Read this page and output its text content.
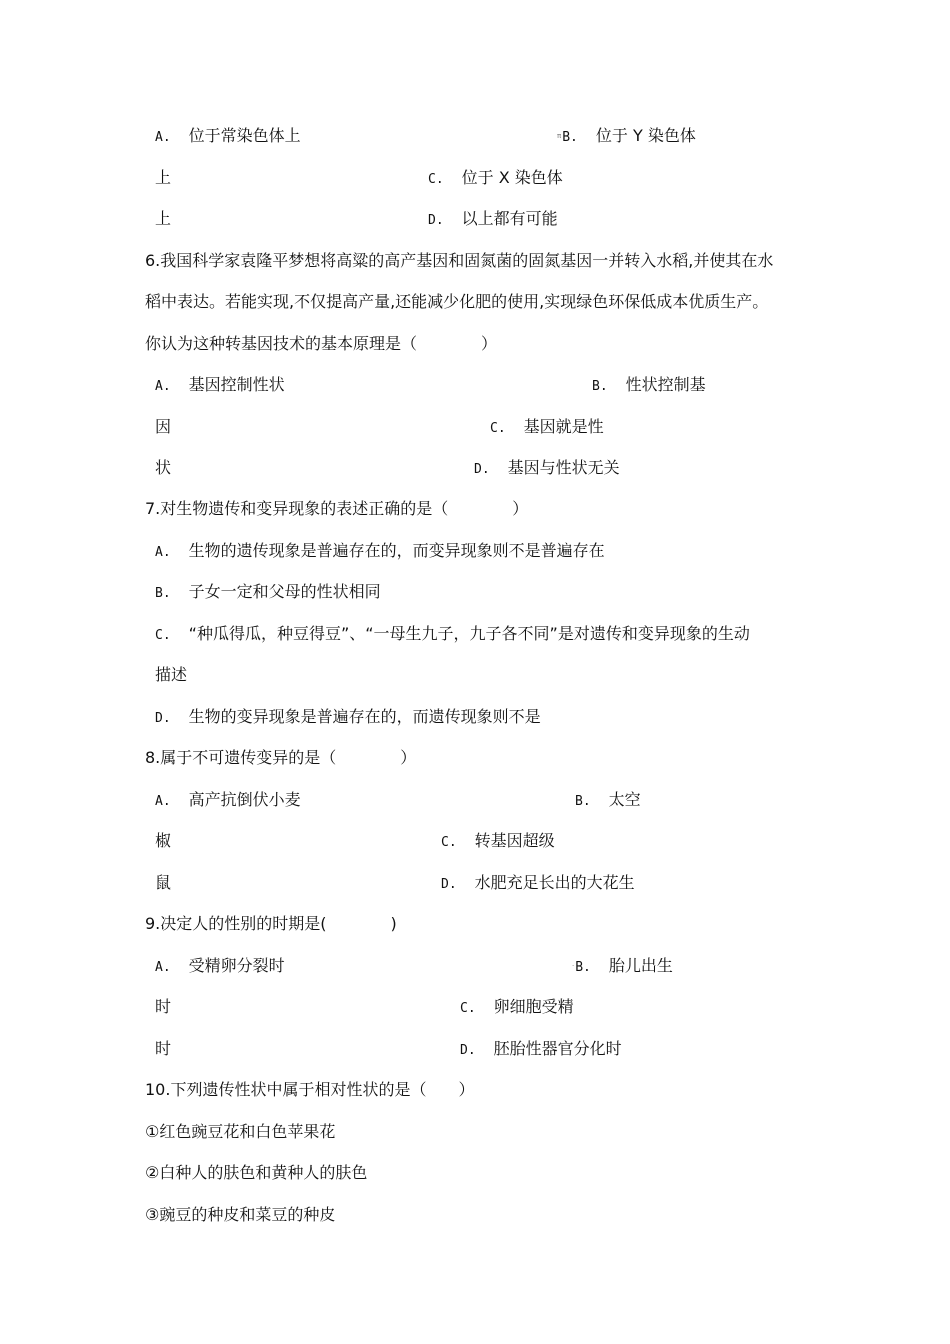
A. 位于常染色体上	πB. 位于 Y 染色体
上	C. 位于 X 染色体
上	D. 以上都有可能
6.我国科学家袁隆平梦想将高粱的高产基因和固氮菌的固氮基因一并转入水稻,并使其在水
稻中表达。若能实现,不仅提高产量,还能减少化肥的使用,实现绿色环保低成本优质生产。
你认为这种转基因技术的基本原理是（　　　　）
A. 基因控制性状	B. 性状控制基
因	C. 基因就是性
状	D. 基因与性状无关
7.对生物遗传和变异现象的表述正确的是（　　　　）
A. 生物的遗传现象是普遍存在的，而变异现象则不是普遍存在
B. 子女一定和父母的性状相同
C. “种瓜得瓜，种豆得豆”、“一母生九子，九子各不同”是对遗传和变异现象的生动
描述
D. 生物的变异现象是普遍存在的，而遗传现象则不是
8.属于不可遗传变异的是（　　　　）
A. 高产抗倒伏小麦	B. 太空
椒	C. 转基因超级
鼠	D. 水肥充足长出的大花生
9.决定人的性别的时期是(　　　　)
A. 受精卵分裂时	·B. 胎儿出生
时	C. 卵细胞受精
时	D. 胚胎性器官分化时
10.下列遗传性状中属于相对性状的是（　　）
①红色豌豆花和白色苹果花
②白种人的肤色和黄种人的肤色
③豌豆的种皮和菜豆的种皮
